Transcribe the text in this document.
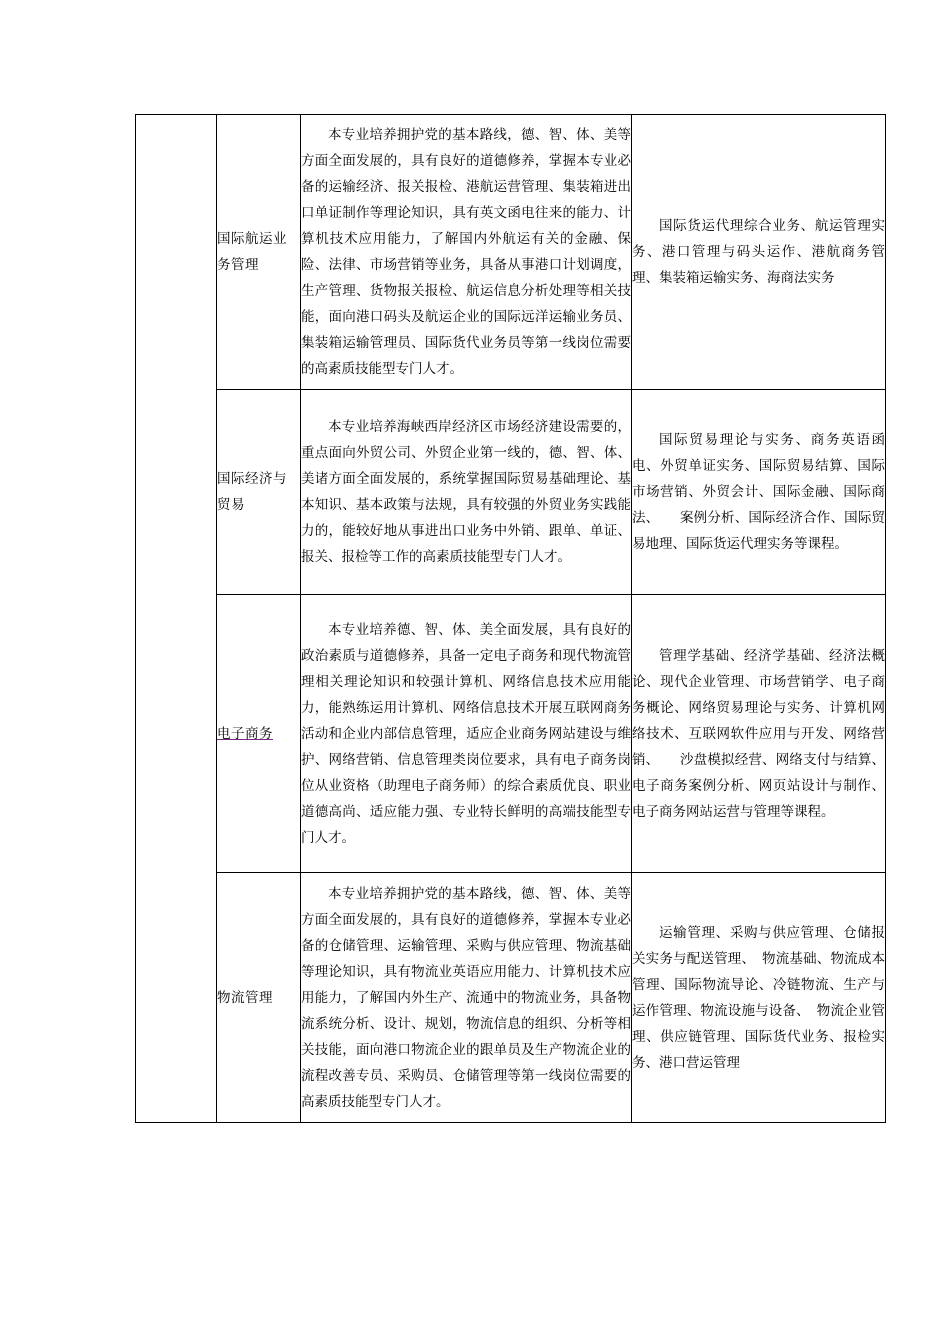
	国际航运业务管理	本专业培养拥护党的基本路线，德、智、体、美等方面全面发展的，具有良好的道德修养，掌握本专业必备的运输经济、报关报检、港航运营管理、集装箱进出口单证制作等理论知识，具有英文函电往来的能力、计算机技术应用能力，了解国内外航运有关的金融、保险、法律、市场营销等业务，具备从事港口计划调度，生产管理、货物报关报检、航运信息分析处理等相关技能，面向港口码头及航运企业的国际远洋运输业务员、集装箱运输管理员、国际货代业务员等第一线岗位需要的高素质技能型专门人才。	国际货运代理综合业务、航运管理实务、港口管理与码头运作、港航商务管理、集装箱运输实务、海商法实务

	国际经济与贸易	本专业培养海峡西岸经济区市场经济建设需要的，重点面向外贸公司、外贸企业第一线的，德、智、体、美诸方面全面发展的，系统掌握国际贸易基础理论、基本知识、基本政策与法规，具有较强的外贸业务实践能力的，能较好地从事进出口业务中外销、跟单、单证、报关、报检等工作的高素质技能型专门人才。	国际贸易理论与实务、商务英语函电、外贸单证实务、国际贸易结算、国际市场营销、外贸会计、国际金融、国际商法、　　案例分析、国际经济合作、国际贸易地理、国际货运代理实务等课程。

	电子商务	本专业培养德、智、体、美全面发展，具有良好的政治素质与道德修养，具备一定电子商务和现代物流管理相关理论知识和较强计算机、网络信息技术应用能力，能熟练运用计算机、网络信息技术开展互联网商务活动和企业内部信息管理，适应企业商务网站建设与维护、网络营销、信息管理类岗位要求，具有电子商务岗位从业资格（助理电子商务师）的综合素质优良、职业道德高尚、适应能力强、专业特长鲜明的高端技能型专门人才。	管理学基础、经济学基础、经济法概论、现代企业管理、市场营销学、电子商务概论、网络贸易理论与实务、计算机网络技术、互联网软件应用与开发、网络营销、　　沙盘模拟经营、网络支付与结算、电子商务案例分析、网页站设计与制作、电子商务网站运营与管理等课程。

	物流管理	本专业培养拥护党的基本路线，德、智、体、美等方面全面发展的，具有良好的道德修养，掌握本专业必备的仓储管理、运输管理、采购与供应管理、物流基础等理论知识，具有物流业英语应用能力、计算机技术应用能力，了解国内外生产、流通中的物流业务，具备物流系统分析、设计、规划，物流信息的组织、分析等相关技能，面向港口物流企业的跟单员及生产物流企业的流程改善专员、采购员、仓储管理等第一线岗位需要的高素质技能型专门人才。	运输管理、采购与供应管理、仓储报关实务与配送管理、　物流基础、物流成本管理、国际物流导论、冷链物流、生产与运作管理、物流设施与设备、　物流企业管理、供应链管理、国际货代业务、报检实务、港口营运管理
